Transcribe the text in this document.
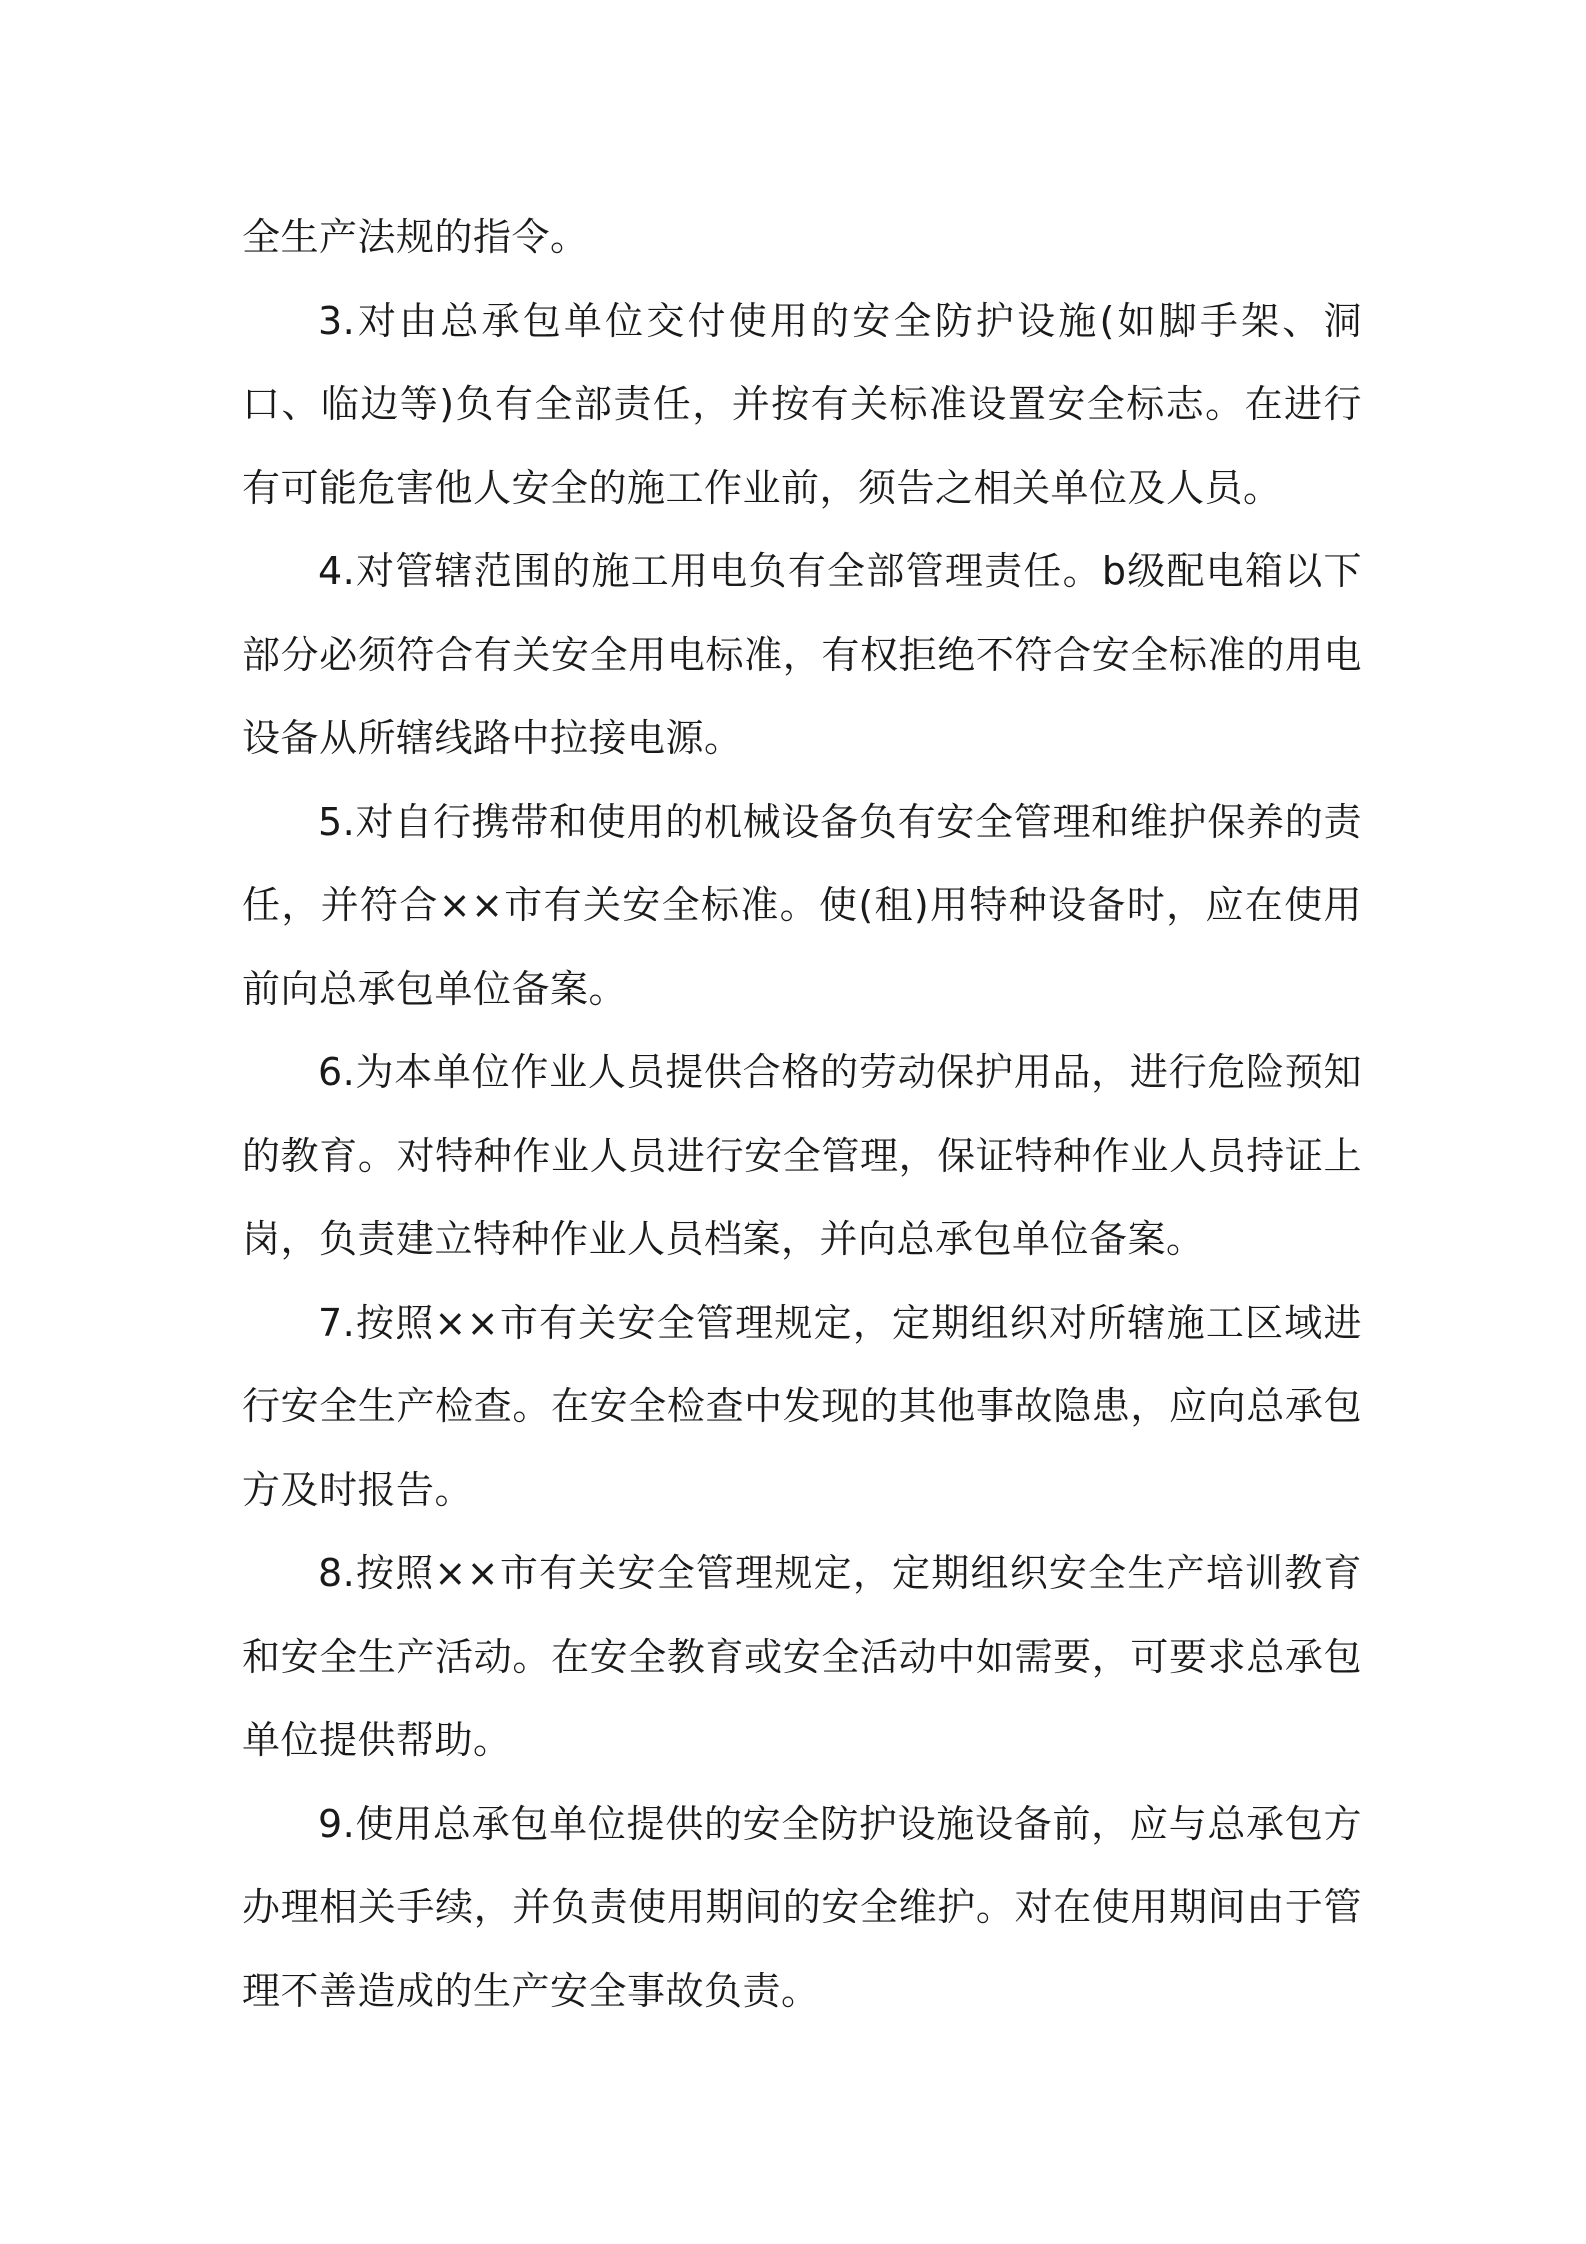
全生产法规的指令。

3.对由总承包单位交付使用的安全防护设施(如脚手架、洞口、临边等)负有全部责任，并按有关标准设置安全标志。在进行有可能危害他人安全的施工作业前，须告之相关单位及人员。

4.对管辖范围的施工用电负有全部管理责任。b级配电箱以下部分必须符合有关安全用电标准，有权拒绝不符合安全标准的用电设备从所辖线路中拉接电源。

5.对自行携带和使用的机械设备负有安全管理和维护保养的责任，并符合××市有关安全标准。使(租)用特种设备时，应在使用前向总承包单位备案。

6.为本单位作业人员提供合格的劳动保护用品，进行危险预知的教育。对特种作业人员进行安全管理，保证特种作业人员持证上岗，负责建立特种作业人员档案，并向总承包单位备案。

7.按照××市有关安全管理规定，定期组织对所辖施工区域进行安全生产检查。在安全检查中发现的其他事故隐患，应向总承包方及时报告。

8.按照××市有关安全管理规定，定期组织安全生产培训教育和安全生产活动。在安全教育或安全活动中如需要，可要求总承包单位提供帮助。

9.使用总承包单位提供的安全防护设施设备前，应与总承包方办理相关手续，并负责使用期间的安全维护。对在使用期间由于管理不善造成的生产安全事故负责。
